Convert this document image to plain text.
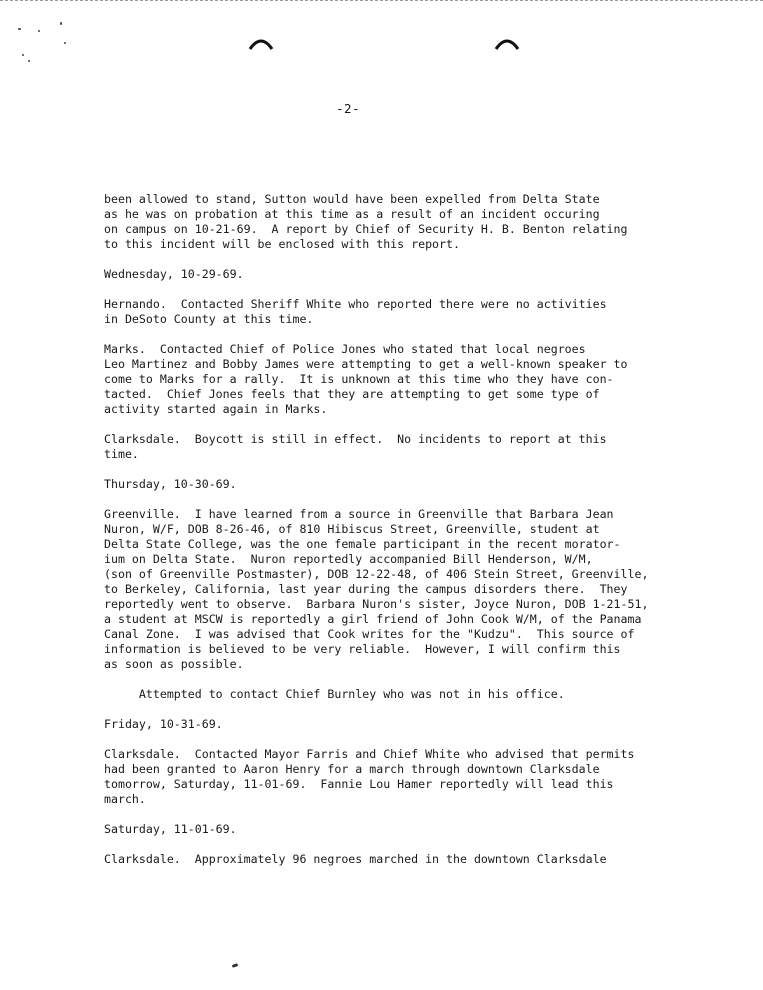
-2-
been allowed to stand, Sutton would have been expelled from Delta State
as he was on probation at this time as a result of an incident occuring
on campus on 10-21-69.  A report by Chief of Security H. B. Benton relating
to this incident will be enclosed with this report.
Wednesday, 10-29-69.
Hernando.  Contacted Sheriff White who reported there were no activities
in DeSoto County at this time.
Marks.  Contacted Chief of Police Jones who stated that local negroes
Leo Martinez and Bobby James were attempting to get a well-known speaker to
come to Marks for a rally.  It is unknown at this time who they have con-
tacted.  Chief Jones feels that they are attempting to get some type of
activity started again in Marks.
Clarksdale.  Boycott is still in effect.  No incidents to report at this
time.
Thursday, 10-30-69.
Greenville.  I have learned from a source in Greenville that Barbara Jean
Nuron, W/F, DOB 8-26-46, of 810 Hibiscus Street, Greenville, student at
Delta State College, was the one female participant in the recent morator-
ium on Delta State.  Nuron reportedly accompanied Bill Henderson, W/M,
(son of Greenville Postmaster), DOB 12-22-48, of 406 Stein Street, Greenville,
to Berkeley, California, last year during the campus disorders there.  They
reportedly went to observe.  Barbara Nuron's sister, Joyce Nuron, DOB 1-21-51,
a student at MSCW is reportedly a girl friend of John Cook W/M, of the Panama
Canal Zone.  I was advised that Cook writes for the "Kudzu".  This source of
information is believed to be very reliable.  However, I will confirm this
as soon as possible.
Attempted to contact Chief Burnley who was not in his office.
Friday, 10-31-69.
Clarksdale.  Contacted Mayor Farris and Chief White who advised that permits
had been granted to Aaron Henry for a march through downtown Clarksdale
tomorrow, Saturday, 11-01-69.  Fannie Lou Hamer reportedly will lead this
march.
Saturday, 11-01-69.
Clarksdale.  Approximately 96 negroes marched in the downtown Clarksdale
